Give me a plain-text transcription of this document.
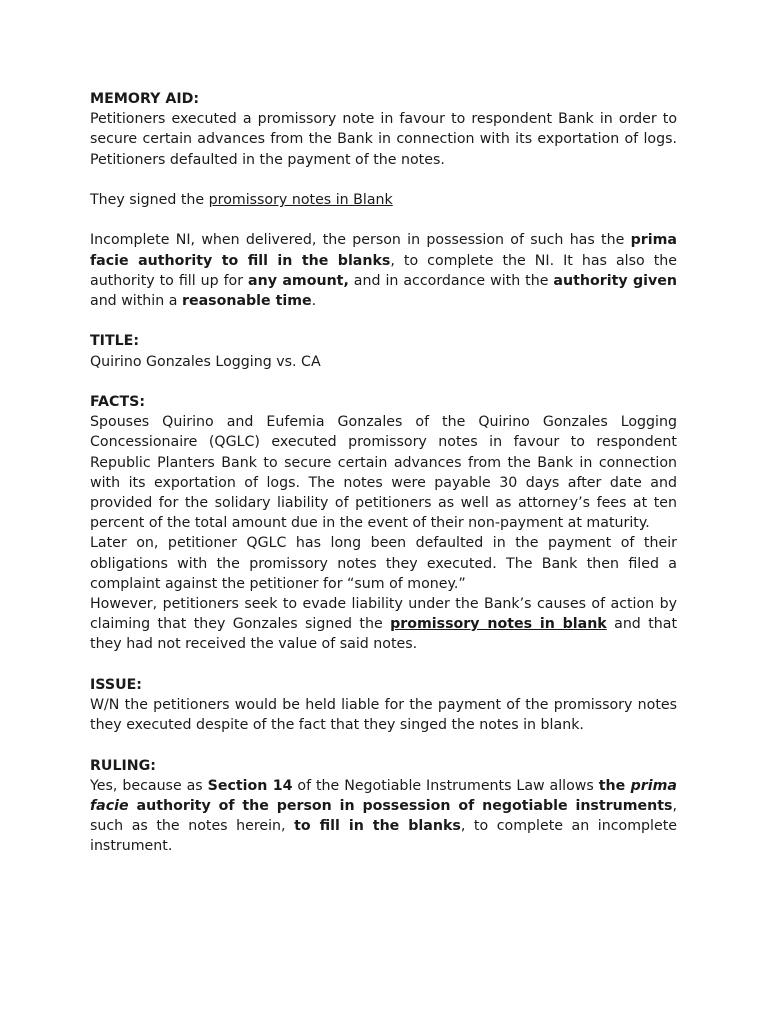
MEMORY AID:

Petitioners executed a promissory note in favour to respondent Bank in order to secure certain advances from the Bank in connection with its exportation of logs. Petitioners defaulted in the payment of the notes.

They signed the promissory notes in Blank

Incomplete NI, when delivered, the person in possession of such has the prima facie authority to fill in the blanks, to complete the NI. It has also the authority to fill up for any amount, and in accordance with the authority given and within a reasonable time.

TITLE:

Quirino Gonzales Logging vs. CA

FACTS:

Spouses Quirino and Eufemia Gonzales of the Quirino Gonzales Logging Concessionaire (QGLC) executed promissory notes in favour to respondent Republic Planters Bank to secure certain advances from the Bank in connection with its exportation of logs. The notes were payable 30 days after date and provided for the solidary liability of petitioners as well as attorney’s fees at ten percent of the total amount due in the event of their non-payment at maturity.

Later on, petitioner QGLC has long been defaulted in the payment of their obligations with the promissory notes they executed. The Bank then filed a complaint against the petitioner for “sum of money.”

However, petitioners seek to evade liability under the Bank’s causes of action by claiming that they Gonzales signed the promissory notes in blank and that they had not received the value of said notes.

ISSUE:

W/N the petitioners would be held liable for the payment of the promissory notes they executed despite of the fact that they singed the notes in blank.

RULING:

Yes, because as Section 14 of the Negotiable Instruments Law allows the prima facie authority of the person in possession of negotiable instruments, such as the notes herein, to fill in the blanks, to complete an incomplete instrument.
